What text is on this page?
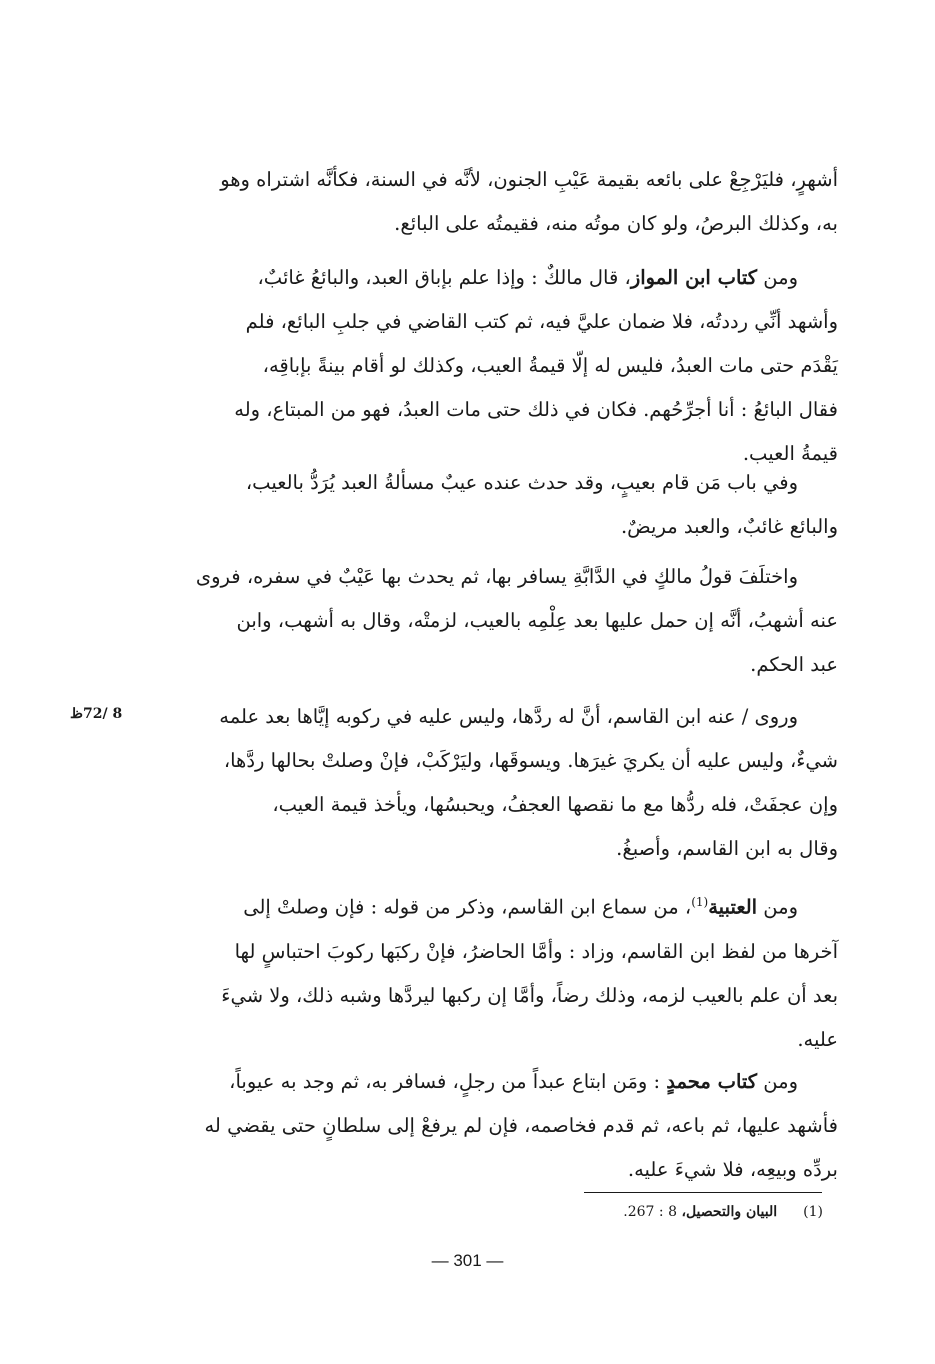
أشهرٍ، فليَرْجِعْ على بائعه بقيمة عَيْبِ الجنون، لأنَّه في السنة، فكأنَّه اشتراه وهو

به، وكذلك البرصُ، ولو كان موتُه منه، فقيمتُه على البائع.

ومن كتاب ابن المواز، قال مالكٌ : وإذا علم بإباق العبد، والبائعُ غائبٌ،

وأشهد أنِّي رددتُه، فلا ضمان عليَّ فيه، ثم كتب القاضي في جلبِ البائع، فلم

يَقْدَم حتى مات العبدُ، فليس له إلّا قيمةُ العيب، وكذلك لو أقام بينةً بإباقِه،

فقال البائعُ : أنا أجرِّحُهم. فكان في ذلك حتى مات العبدُ، فهو من المبتاع، وله

قيمةُ العيب.

وفي باب مَن قام بعيبٍ، وقد حدث عنده عيبٌ مسألةُ العبد يُرَدُّ بالعيب،

والبائع غائبٌ، والعبد مريضٌ.

واختلَفَ قولُ مالكٍ في الدَّابَّةِ يسافر بها، ثم يحدث بها عَيْبٌ في سفره، فروى

عنه أشهبُ، أنَّه إن حمل عليها بعد عِلْمِه بالعيب، لزمتْه، وقال به أشهب، وابن

عبد الحكم.

وروى / عنه ابن القاسم، أنَّ له ردَّها، وليس عليه في ركوبه إيَّاها بعد علمه

شيءٌ، وليس عليه أن يكريَ غيرَها. ويسوقَها، وليَرْكَبْ، فإنْ وصلتْ بحالها ردَّها،

وإن عجفَتْ، فله ردُّها مع ما نقصها العجفُ، ويحبسُها، ويأخذ قيمة العيب،

وقال به ابن القاسم، وأصبغُ.

ومن العتبية$^{(1)}$، من سماع ابن القاسم، وذكر من قوله : فإن وصلتْ إلى

آخرها من لفظ ابن القاسم، وزاد : وأمَّا الحاضرُ، فإنْ ركبَها ركوبَ احتباسٍ لها

بعد أن علم بالعيب لزمه، وذلك رضاً، وأمَّا إن ركبها ليردَّها وشبه ذلك، ولا شيءَ

عليه.

ومن كتاب محمدٍ : ومَن ابتاع عبداً من رجلٍ، فسافر به، ثم وجد به عيوباً،

فأشهد عليها، ثم باعه، ثم قدم فخاصمه، فإن لم يرفعْ إلى سلطانٍ حتى يقضي له

بردِّه وبيعِه، فلا شيءَ عليه.

8 /72ظ
(1)البيان والتحصيل، 8 : 267.
— 301 —
